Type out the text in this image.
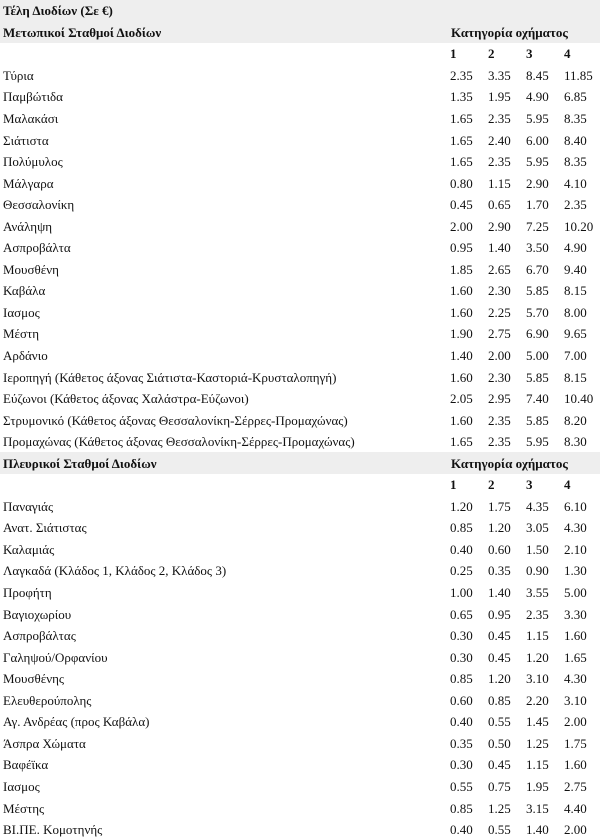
Τέλη Διοδίων (Σε €)				
Μετωπικοί Σταθμοί Διοδίων	Κατηγορία οχήματος			
	1	2	3	4
Τύρια	2.35	3.35	8.45	11.85
Παμβώτιδα	1.35	1.95	4.90	6.85
Μαλακάσι	1.65	2.35	5.95	8.35
Σιάτιστα	1.65	2.40	6.00	8.40
Πολύμυλος	1.65	2.35	5.95	8.35
Μάλγαρα	0.80	1.15	2.90	4.10
Θεσσαλονίκη	0.45	0.65	1.70	2.35
Ανάληψη	2.00	2.90	7.25	10.20
Ασπροβάλτα	0.95	1.40	3.50	4.90
Μουσθένη	1.85	2.65	6.70	9.40
Καβάλα	1.60	2.30	5.85	8.15
Ιασμος	1.60	2.25	5.70	8.00
Μέστη	1.90	2.75	6.90	9.65
Αρδάνιο	1.40	2.00	5.00	7.00
Ιεροπηγή (Κάθετος άξονας Σιάτιστα-Καστοριά-Κρυσταλοπηγή)	1.60	2.30	5.85	8.15
Εύζωνοι (Κάθετος άξονας Χαλάστρα-Εύζωνοι)	2.05	2.95	7.40	10.40
Στρυμονικό (Κάθετος άξονας Θεσσαλονίκη-Σέρρες-Προμαχώνας)	1.60	2.35	5.85	8.20
Προμαχώνας (Κάθετος άξονας Θεσσαλονίκη-Σέρρες-Προμαχώνας)	1.65	2.35	5.95	8.30
Πλευρικοί Σταθμοί Διοδίων	Κατηγορία οχήματος			
	1	2	3	4
Παναγιάς	1.20	1.75	4.35	6.10
Ανατ. Σιάτιστας	0.85	1.20	3.05	4.30
Καλαμιάς	0.40	0.60	1.50	2.10
Λαγκαδά (Κλάδος 1, Κλάδος 2, Κλάδος 3)	0.25	0.35	0.90	1.30
Προφήτη	1.00	1.40	3.55	5.00
Βαγιοχωρίου	0.65	0.95	2.35	3.30
Ασπροβάλτας	0.30	0.45	1.15	1.60
Γαληψού/Ορφανίου	0.30	0.45	1.20	1.65
Μουσθένης	0.85	1.20	3.10	4.30
Ελευθερούπολης	0.60	0.85	2.20	3.10
Αγ. Ανδρέας (προς Καβάλα)	0.40	0.55	1.45	2.00
Άσπρα Χώματα	0.35	0.50	1.25	1.75
Βαφέϊκα	0.30	0.45	1.15	1.60
Ιασμος	0.55	0.75	1.95	2.75
Μέστης	0.85	1.25	3.15	4.40
ΒΙ.ΠΕ. Κομοτηνής	0.40	0.55	1.40	2.00
